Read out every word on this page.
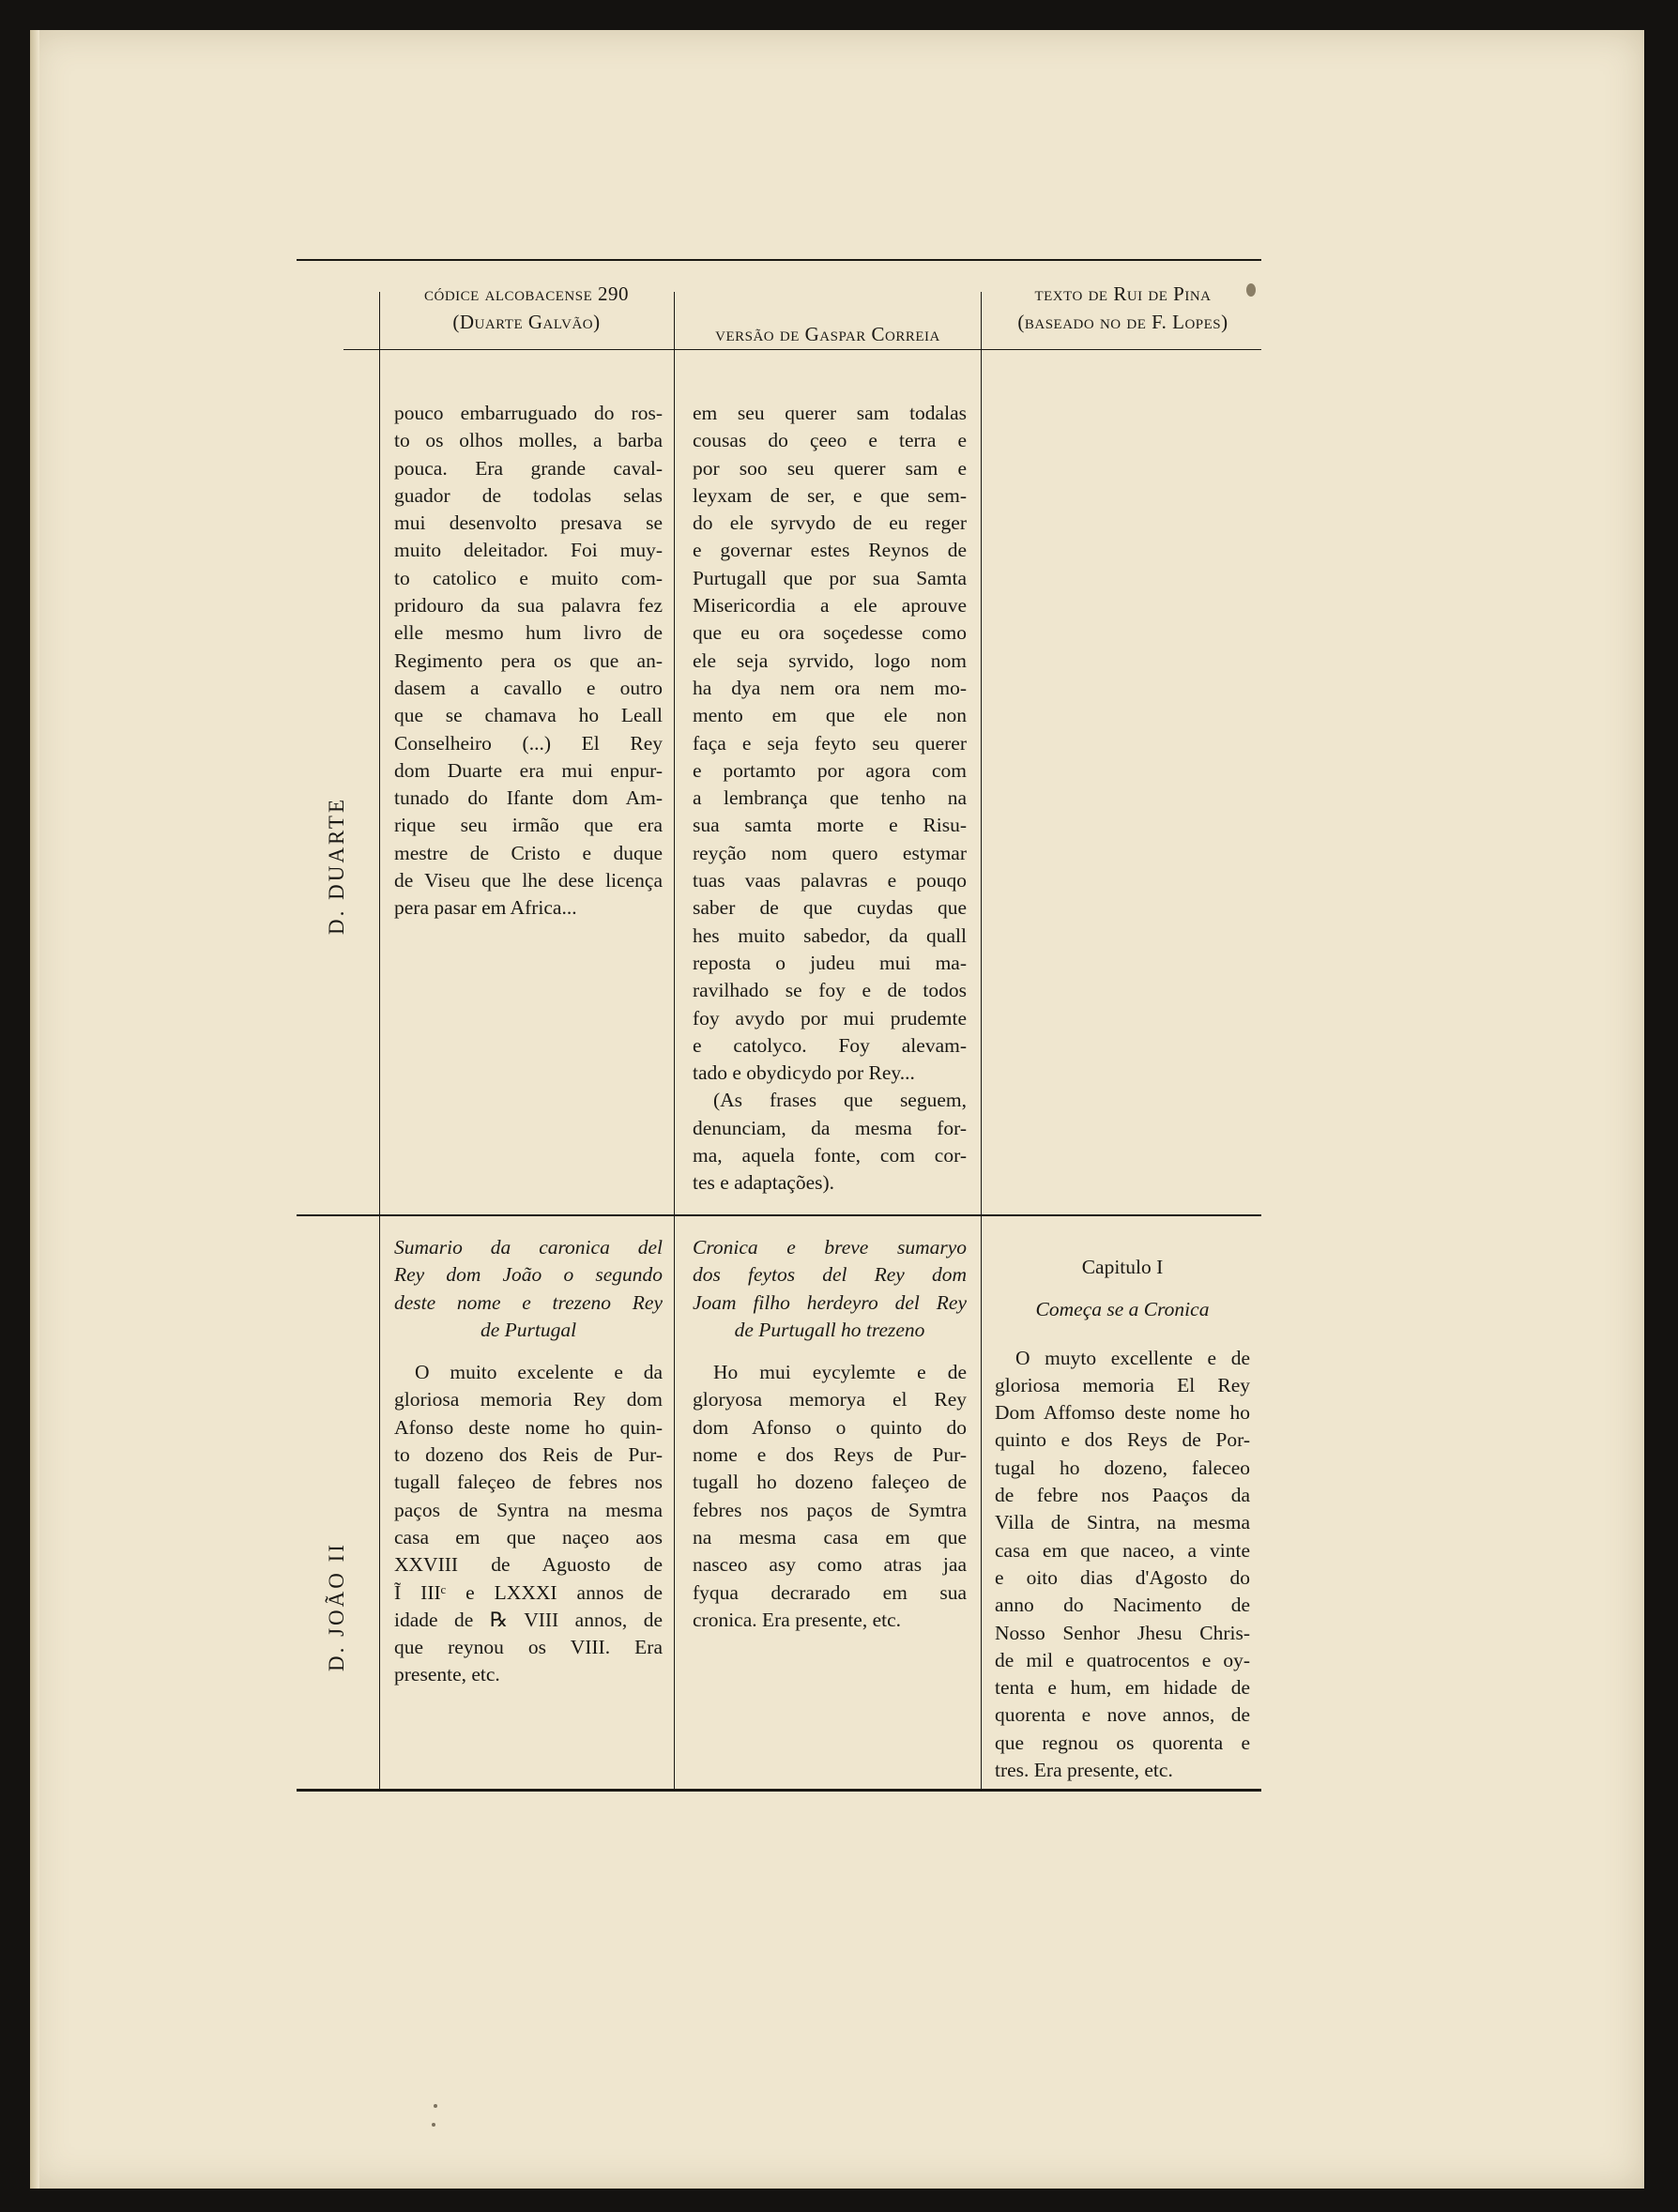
códice alcobacense 290
(Duarte Galvão)
versão de Gaspar Correia
texto de Rui de Pina
(baseado no de F. Lopes)
D. DUARTE
pouco embarruguado do ros-
to os olhos molles, a barba
pouca. Era grande caval-
guador de todolas selas
mui desenvolto presava se
muito deleitador. Foi muy-
to catolico e muito com-
pridouro da sua palavra fez
elle mesmo hum livro de
Regimento pera os que an-
dasem a cavallo e outro
que se chamava ho Leall
Conselheiro (...) El Rey
dom Duarte era mui enpur-
tunado do Ifante dom Am-
rique seu irmão que era
mestre de Cristo e duque
de Viseu que lhe dese licença
pera pasar em Africa...
em seu querer sam todalas
cousas do çeeo e terra e
por soo seu querer sam e
leyxam de ser, e que sem-
do ele syrvydo de eu reger
e governar estes Reynos de
Purtugall que por sua Samta
Misericordia a ele aprouve
que eu ora soçedesse como
ele seja syrvido, logo nom
ha dya nem ora nem mo-
mento em que ele non
faça e seja feyto seu querer
e portamto por agora com
a lembrança que tenho na
sua samta morte e Risu-
reyção nom quero estymar
tuas vaas palavras e pouqo
saber de que cuydas que
hes muito sabedor, da quall
reposta o judeu mui ma-
ravilhado se foy e de todos
foy avydo por mui prudemte
e catolyco. Foy alevam-
tado e obydicydo por Rey...
(As frases que seguem,
denunciam, da mesma for-
ma, aquela fonte, com cor-
tes e adaptações).
D. JOÃO II
Sumario da caronica del
Rey dom João o segundo
deste nome e trezeno Rey
de Purtugal
O muito excelente e da
gloriosa memoria Rey dom
Afonso deste nome ho quin-
to dozeno dos Reis de Pur-
tugall faleçeo de febres nos
paços de Syntra na mesma
casa em que naçeo aos
XXVIII de Aguosto de
Ĩ IIIᶜ e LXXXI annos de
idade de ℞ VIII annos, de
que reynou os VIII. Era
presente, etc.
Cronica e breve sumaryo
dos feytos del Rey dom
Joam filho herdeyro del Rey
de Purtugall ho trezeno
Ho mui eycylemte e de
gloryosa memorya el Rey
dom Afonso o quinto do
nome e dos Reys de Pur-
tugall ho dozeno faleçeo de
febres nos paços de Symtra
na mesma casa em que
nasceo asy como atras jaa
fyqua decrarado em sua
cronica. Era presente, etc.

Capitulo I

Começa se a Cronica

O muyto excellente e de
gloriosa memoria El Rey
Dom Affomso deste nome ho
quinto e dos Reys de Por-
tugal ho dozeno, faleceo
de febre nos Paaços da
Villa de Sintra, na mesma
casa em que naceo, a vinte
e oito dias d'Agosto do
anno do Nacimento de
Nosso Senhor Jhesu Chris-
de mil e quatrocentos e oy-
tenta e hum, em hidade de
quorenta e nove annos, de
que regnou os quorenta e
tres. Era presente, etc.
